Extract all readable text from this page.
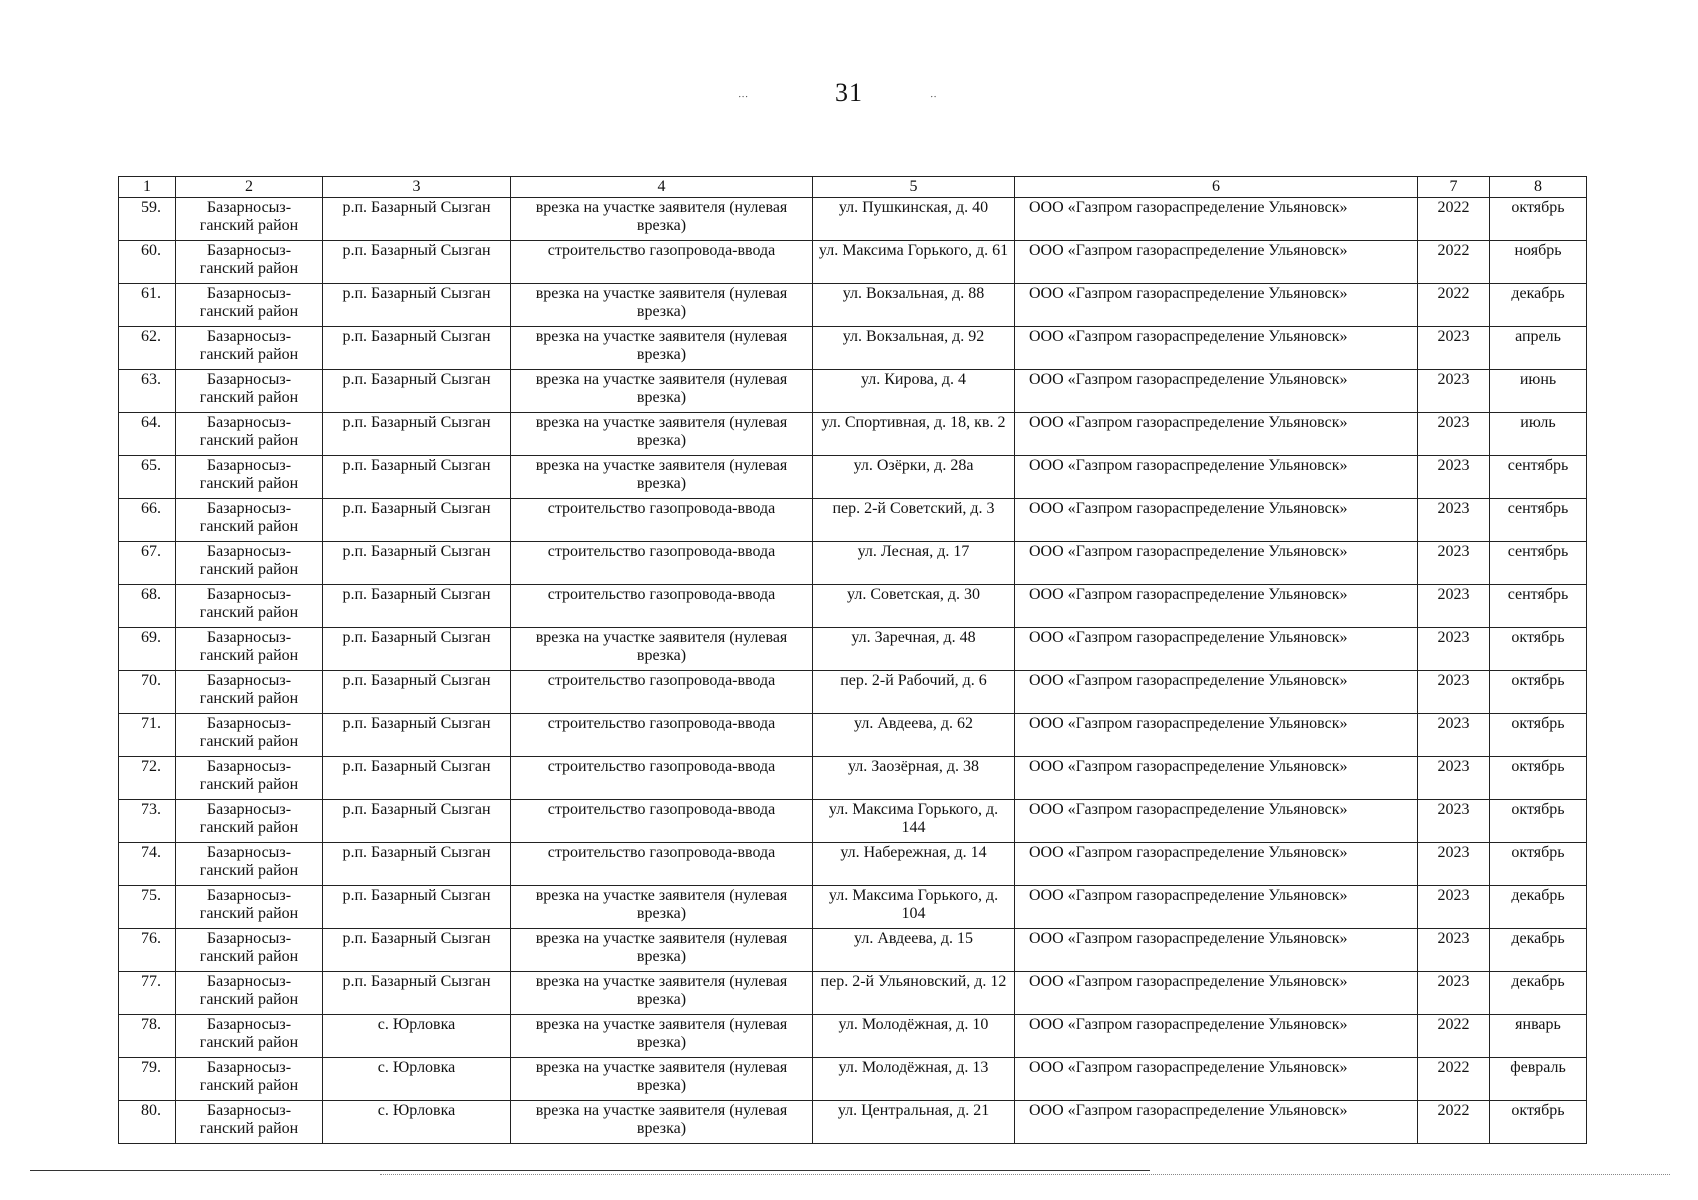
31
1	2	3	4	5	6	7	8
59.	Базарносыз-ганский район	р.п. Базарный Сызган	врезка на участке заявителя (нулевая врезка)	ул. Пушкинская, д. 40	ООО «Газпром газораспределение Ульяновск»	2022	октябрь
60.	Базарносыз-ганский район	р.п. Базарный Сызган	строительство газопровода-ввода	ул. Максима Горького, д. 61	ООО «Газпром газораспределение Ульяновск»	2022	ноябрь
61.	Базарносыз-ганский район	р.п. Базарный Сызган	врезка на участке заявителя (нулевая врезка)	ул. Вокзальная, д. 88	ООО «Газпром газораспределение Ульяновск»	2022	декабрь
62.	Базарносыз-ганский район	р.п. Базарный Сызган	врезка на участке заявителя (нулевая врезка)	ул. Вокзальная, д. 92	ООО «Газпром газораспределение Ульяновск»	2023	апрель
63.	Базарносыз-ганский район	р.п. Базарный Сызган	врезка на участке заявителя (нулевая врезка)	ул. Кирова, д. 4	ООО «Газпром газораспределение Ульяновск»	2023	июнь
64.	Базарносыз-ганский район	р.п. Базарный Сызган	врезка на участке заявителя (нулевая врезка)	ул. Спортивная, д. 18, кв. 2	ООО «Газпром газораспределение Ульяновск»	2023	июль
65.	Базарносыз-ганский район	р.п. Базарный Сызган	врезка на участке заявителя (нулевая врезка)	ул. Озёрки, д. 28а	ООО «Газпром газораспределение Ульяновск»	2023	сентябрь
66.	Базарносыз-ганский район	р.п. Базарный Сызган	строительство газопровода-ввода	пер. 2-й Советский, д. 3	ООО «Газпром газораспределение Ульяновск»	2023	сентябрь
67.	Базарносыз-ганский район	р.п. Базарный Сызган	строительство газопровода-ввода	ул. Лесная, д. 17	ООО «Газпром газораспределение Ульяновск»	2023	сентябрь
68.	Базарносыз-ганский район	р.п. Базарный Сызган	строительство газопровода-ввода	ул. Советская, д. 30	ООО «Газпром газораспределение Ульяновск»	2023	сентябрь
69.	Базарносыз-ганский район	р.п. Базарный Сызган	врезка на участке заявителя (нулевая врезка)	ул. Заречная, д. 48	ООО «Газпром газораспределение Ульяновск»	2023	октябрь
70.	Базарносыз-ганский район	р.п. Базарный Сызган	строительство газопровода-ввода	пер. 2-й Рабочий, д. 6	ООО «Газпром газораспределение Ульяновск»	2023	октябрь
71.	Базарносыз-ганский район	р.п. Базарный Сызган	строительство газопровода-ввода	ул. Авдеева, д. 62	ООО «Газпром газораспределение Ульяновск»	2023	октябрь
72.	Базарносыз-ганский район	р.п. Базарный Сызган	строительство газопровода-ввода	ул. Заозёрная, д. 38	ООО «Газпром газораспределение Ульяновск»	2023	октябрь
73.	Базарносыз-ганский район	р.п. Базарный Сызган	строительство газопровода-ввода	ул. Максима Горького, д. 144	ООО «Газпром газораспределение Ульяновск»	2023	октябрь
74.	Базарносыз-ганский район	р.п. Базарный Сызган	строительство газопровода-ввода	ул. Набережная, д. 14	ООО «Газпром газораспределение Ульяновск»	2023	октябрь
75.	Базарносыз-ганский район	р.п. Базарный Сызган	врезка на участке заявителя (нулевая врезка)	ул. Максима Горького, д. 104	ООО «Газпром газораспределение Ульяновск»	2023	декабрь
76.	Базарносыз-ганский район	р.п. Базарный Сызган	врезка на участке заявителя (нулевая врезка)	ул. Авдеева, д. 15	ООО «Газпром газораспределение Ульяновск»	2023	декабрь
77.	Базарносыз-ганский район	р.п. Базарный Сызган	врезка на участке заявителя (нулевая врезка)	пер. 2-й Ульяновский, д. 12	ООО «Газпром газораспределение Ульяновск»	2023	декабрь
78.	Базарносыз-ганский район	с. Юрловка	врезка на участке заявителя (нулевая врезка)	ул. Молодёжная, д. 10	ООО «Газпром газораспределение Ульяновск»	2022	январь
79.	Базарносыз-ганский район	с. Юрловка	врезка на участке заявителя (нулевая врезка)	ул. Молодёжная, д. 13	ООО «Газпром газораспределение Ульяновск»	2022	февраль
80.	Базарносыз-ганский район	с. Юрловка	врезка на участке заявителя (нулевая врезка)	ул. Центральная, д. 21	ООО «Газпром газораспределение Ульяновск»	2022	октябрь
⋅⋅⋅	⋅⋅
